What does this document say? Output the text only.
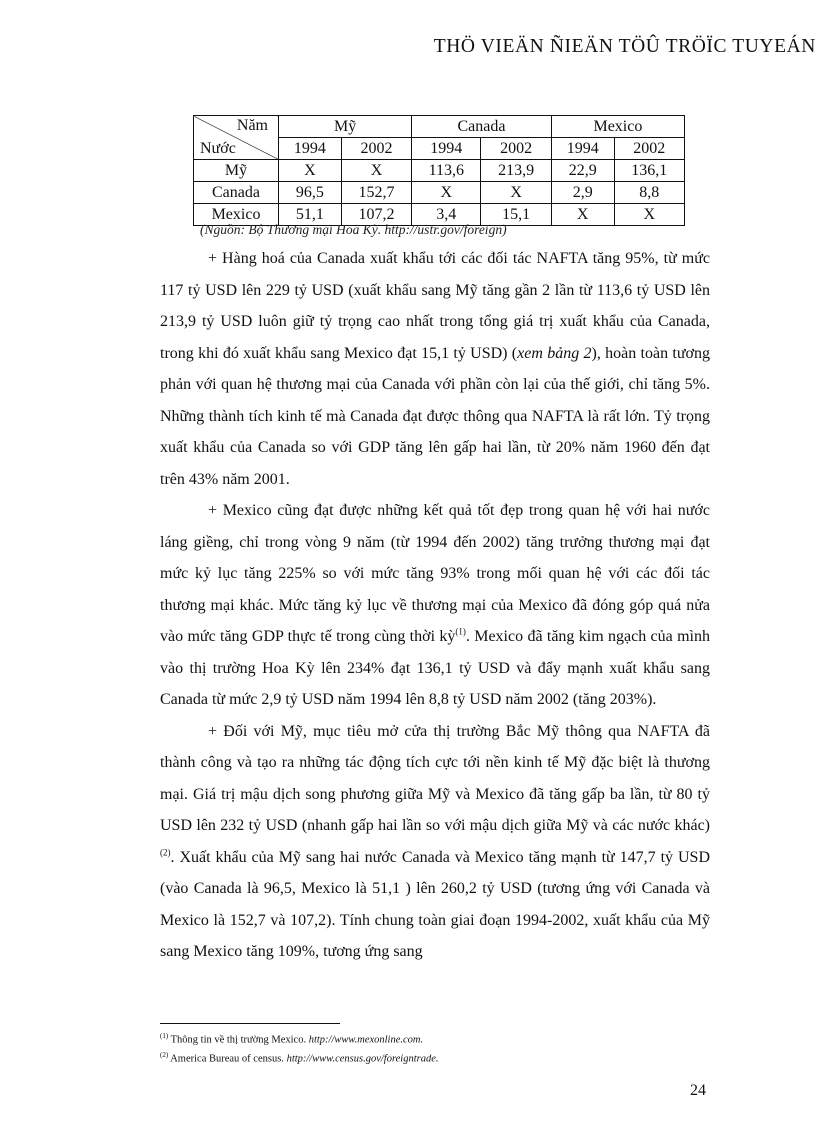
THÖ VIEÄN ÑIEÄN TÖÛ TRÖÏC TUYEÁN
Năm
Nước	Mỹ		Canada		Mexico	
	1994	2002	1994	2002	1994	2002
Mỹ	X	X	113,6	213,9	22,9	136,1
Canada	96,5	152,7	X	X	2,9	8,8
Mexico	51,1	107,2	3,4	15,1	X	X
(Nguồn: Bộ Thương mại Hoa Kỳ. http://ustr.gov/foreign)

+ Hàng hoá của Canada xuất khẩu tới các đối tác NAFTA tăng 95%, từ mức 117 tỷ USD lên 229 tỷ USD (xuất khẩu sang Mỹ tăng gần 2 lần từ 113,6 tỷ USD lên 213,9 tỷ USD luôn giữ tỷ trọng cao nhất trong tổng giá trị xuất khẩu của Canada, trong khi đó xuất khẩu sang Mexico đạt 15,1 tỷ USD) (xem bảng 2), hoàn toàn tương phản với quan hệ thương mại của Canada với phần còn lại của thế giới, chỉ tăng 5%. Những thành tích kinh tế mà Canada đạt được thông qua NAFTA là rất lớn. Tỷ trọng xuất khẩu của Canada so với GDP tăng lên gấp hai lần, từ 20% năm 1960 đến đạt trên 43% năm 2001.

+ Mexico cũng đạt được những kết quả tốt đẹp trong quan hệ với hai nước láng giềng, chỉ trong vòng 9 năm (từ 1994 đến 2002) tăng trưởng thương mại đạt mức kỷ lục tăng 225% so với mức tăng 93% trong mối quan hệ với các đối tác thương mại khác. Mức tăng kỷ lục về thương mại của Mexico đã đóng góp quá nửa vào mức tăng GDP thực tế trong cùng thời kỳ$^{(1)}$. Mexico đã tăng kim ngạch của mình vào thị trường Hoa Kỳ lên 234% đạt 136,1 tỷ USD và đẩy mạnh xuất khẩu sang Canada từ mức 2,9 tỷ USD năm 1994 lên 8,8 tỷ USD năm 2002 (tăng 203%).

+ Đối với Mỹ, mục tiêu mở cửa thị trường Bắc Mỹ thông qua NAFTA đã thành công và tạo ra những tác động tích cực tới nền kinh tế Mỹ đặc biệt là thương mại. Giá trị mậu dịch song phương giữa Mỹ và Mexico đã tăng gấp ba lần, từ 80 tỷ USD lên 232 tỷ USD (nhanh gấp hai lần so với mậu dịch giữa Mỹ và các nước khác)$^{(2)}$. Xuất khẩu của Mỹ sang hai nước Canada và Mexico tăng mạnh từ 147,7 tỷ USD (vào Canada là 96,5, Mexico là 51,1 ) lên 260,2 tỷ USD (tương ứng với Canada và Mexico là 152,7 và 107,2). Tính chung toàn giai đoạn 1994-2002, xuất khẩu của Mỹ sang Mexico tăng 109%, tương ứng sang

$^{(1)}$ Thông tin về thị trường Mexico. http://www.mexonline.com.
$^{(2)}$ America Bureau of census. http://www.census.gov/foreigntrade.
24
